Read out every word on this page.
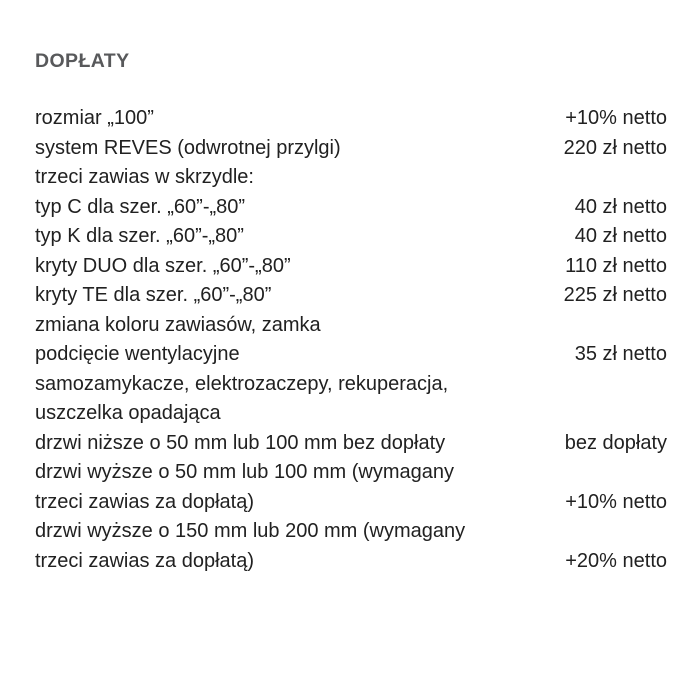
DOPŁATY
rozmiar „100”	+10% netto
system REVES (odwrotnej przylgi)	220 zł netto
trzeci zawias w skrzydle:
typ C dla szer. „60”-„80”	40 zł netto
typ K dla szer. „60”-„80”	40 zł netto
kryty DUO dla szer. „60”-„80”	110 zł netto
kryty TE dla szer. „60”-„80”	225 zł netto
zmiana koloru zawiasów, zamka
podcięcie wentylacyjne	35 zł netto
samozamykacze, elektrozaczepy, rekuperacja,
uszczelka opadająca
drzwi niższe o 50 mm lub 100 mm bez dopłaty	bez dopłaty
drzwi wyższe o 50 mm lub 100 mm (wymagany
trzeci zawias za dopłatą)	+10% netto
drzwi wyższe o 150 mm lub 200 mm (wymagany
trzeci zawias za dopłatą)	+20% netto
